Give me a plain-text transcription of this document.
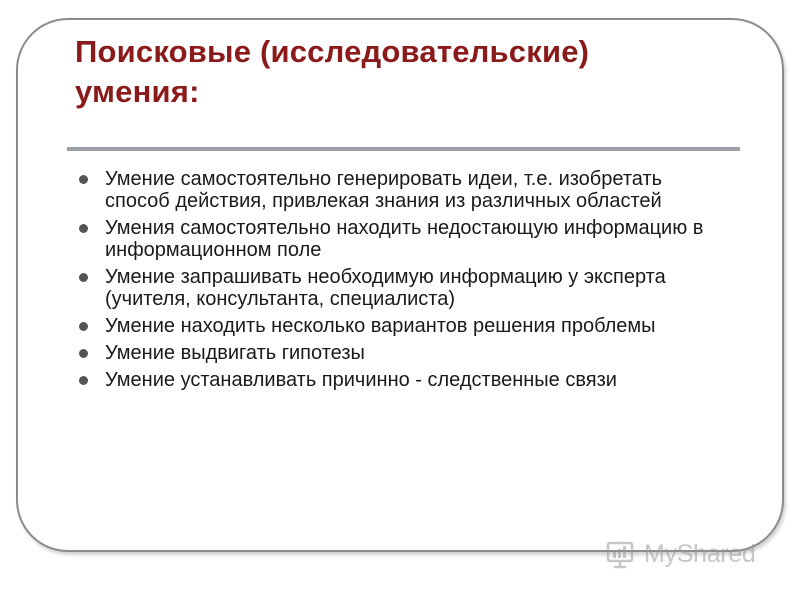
Поисковые (исследовательские)
умения:
Умение самостоятельно генерировать идеи, т.е. изобретать способ действия, привлекая знания из различных областей
Умения самостоятельно находить недостающую информацию в информационном поле
Умение запрашивать необходимую информацию у эксперта (учителя, консультанта, специалиста)
Умение находить несколько вариантов решения проблемы
Умение выдвигать гипотезы
Умение устанавливать причинно - следственные связи
MyShared
